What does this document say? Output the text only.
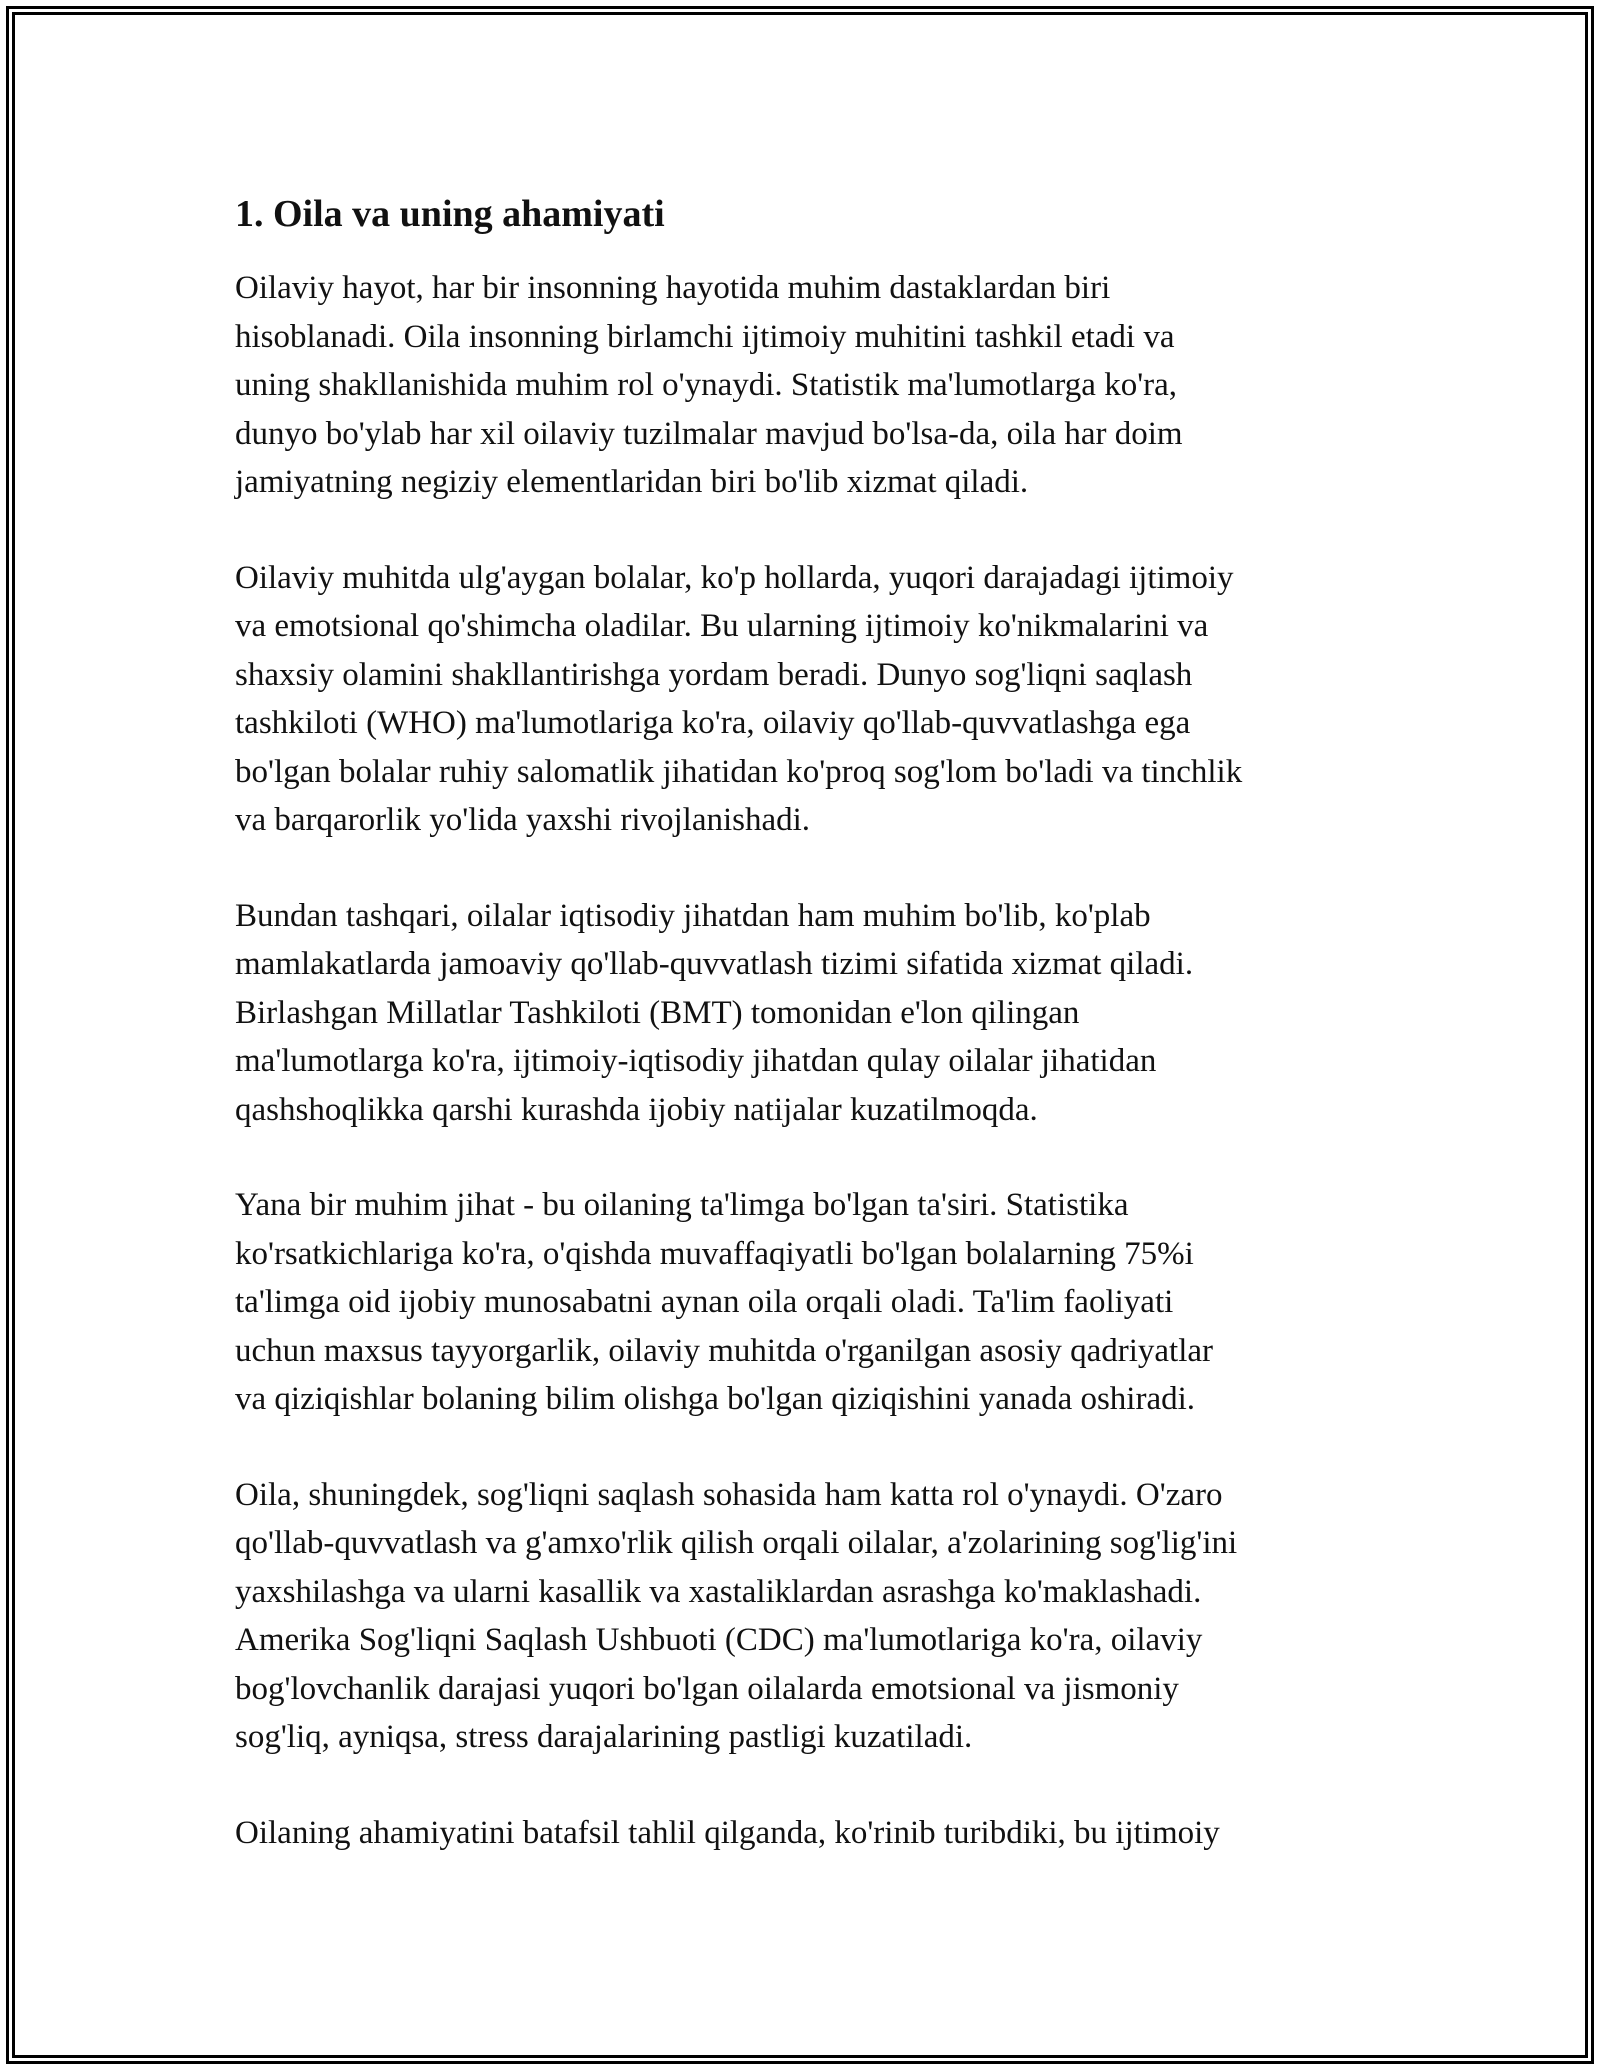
1. Oila va uning ahamiyati
Oilaviy hayot, har bir insonning hayotida muhim dastaklardan biri
hisoblanadi. Oila insonning birlamchi ijtimoiy muhitini tashkil etadi va
uning shakllanishida muhim rol o'ynaydi. Statistik ma'lumotlarga ko'ra,
dunyo bo'ylab har xil oilaviy tuzilmalar mavjud bo'lsa-da, oila har doim
jamiyatning negiziy elementlaridan biri bo'lib xizmat qiladi.
Oilaviy muhitda ulg'aygan bolalar, ko'p hollarda, yuqori darajadagi ijtimoiy
va emotsional qo'shimcha oladilar. Bu ularning ijtimoiy ko'nikmalarini va
shaxsiy olamini shakllantirishga yordam beradi. Dunyo sog'liqni saqlash
tashkiloti (WHO) ma'lumotlariga ko'ra, oilaviy qo'llab-quvvatlashga ega
bo'lgan bolalar ruhiy salomatlik jihatidan ko'proq sog'lom bo'ladi va tinchlik
va barqarorlik yo'lida yaxshi rivojlanishadi.
Bundan tashqari, oilalar iqtisodiy jihatdan ham muhim bo'lib, ko'plab
mamlakatlarda jamoaviy qo'llab-quvvatlash tizimi sifatida xizmat qiladi.
Birlashgan Millatlar Tashkiloti (BMT) tomonidan e'lon qilingan
ma'lumotlarga ko'ra, ijtimoiy-iqtisodiy jihatdan qulay oilalar jihatidan
qashshoqlikka qarshi kurashda ijobiy natijalar kuzatilmoqda.
Yana bir muhim jihat - bu oilaning ta'limga bo'lgan ta'siri. Statistika
ko'rsatkichlariga ko'ra, o'qishda muvaffaqiyatli bo'lgan bolalarning 75%i
ta'limga oid ijobiy munosabatni aynan oila orqali oladi. Ta'lim faoliyati
uchun maxsus tayyorgarlik, oilaviy muhitda o'rganilgan asosiy qadriyatlar
va qiziqishlar bolaning bilim olishga bo'lgan qiziqishini yanada oshiradi.
Oila, shuningdek, sog'liqni saqlash sohasida ham katta rol o'ynaydi. O'zaro
qo'llab-quvvatlash va g'amxo'rlik qilish orqali oilalar, a'zolarining sog'lig'ini
yaxshilashga va ularni kasallik va xastaliklardan asrashga ko'maklashadi.
Amerika Sog'liqni Saqlash Ushbuoti (CDC) ma'lumotlariga ko'ra, oilaviy
bog'lovchanlik darajasi yuqori bo'lgan oilalarda emotsional va jismoniy
sog'liq, ayniqsa, stress darajalarining pastligi kuzatiladi.
Oilaning ahamiyatini batafsil tahlil qilganda, ko'rinib turibdiki, bu ijtimoiy
